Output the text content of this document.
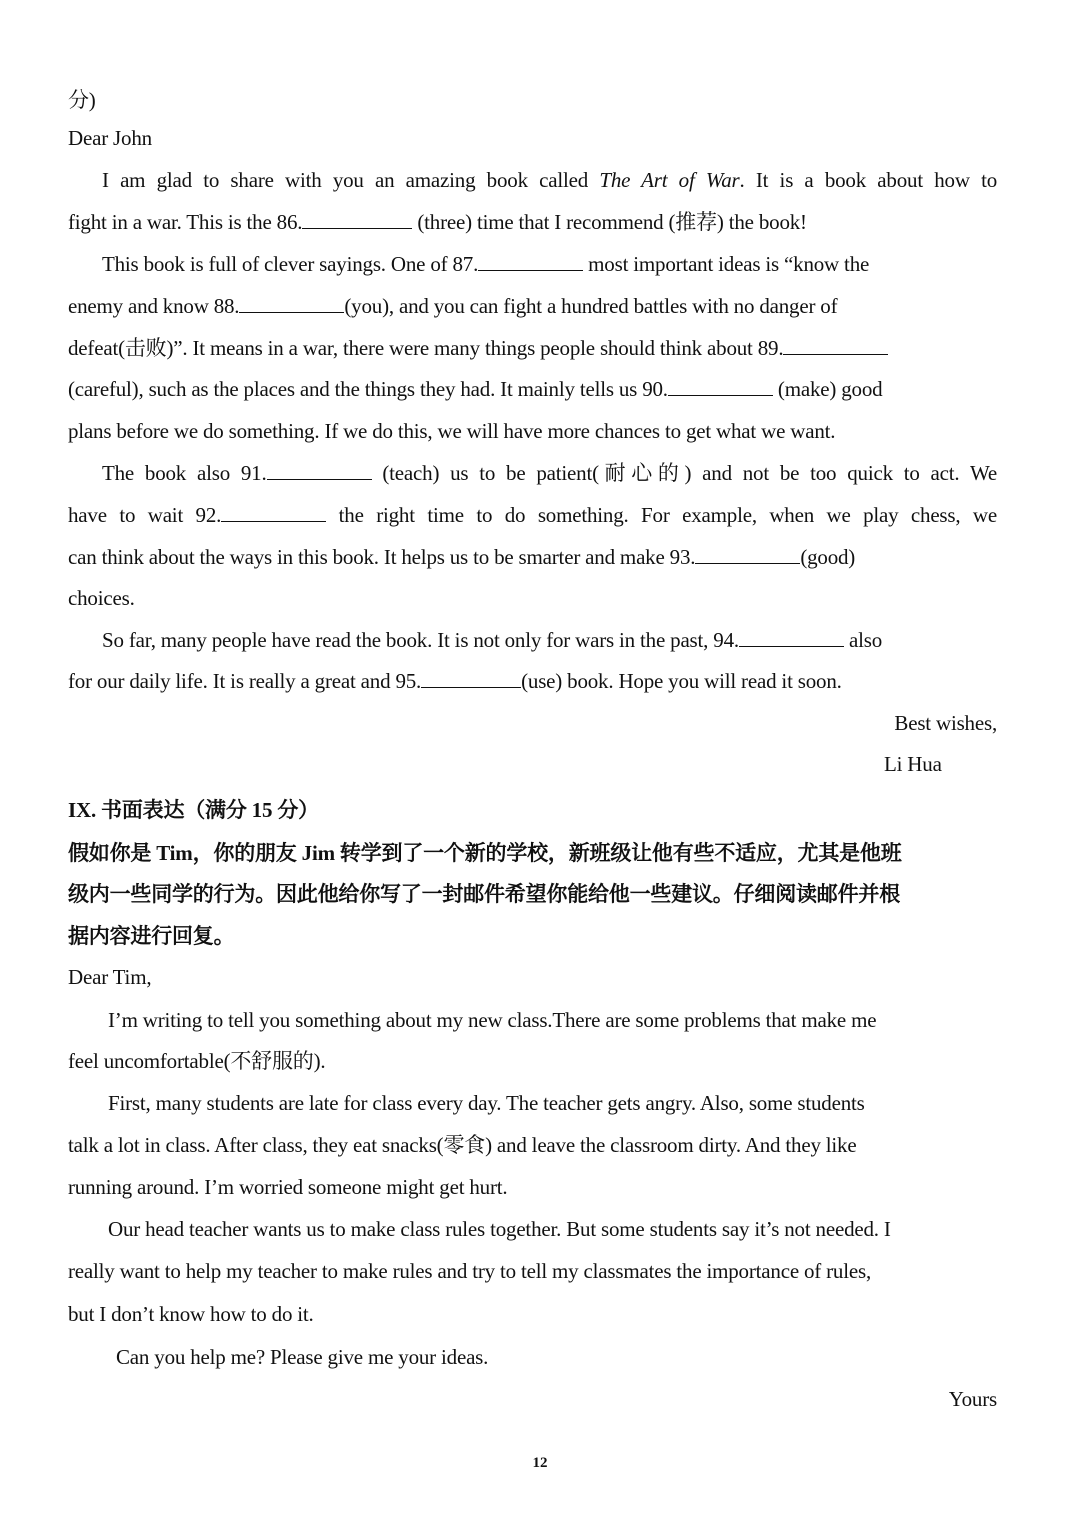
分)
Dear John
I am glad to share with you an amazing book called The Art of War. It is a book about how to
fight in a war. This is the 86.	(three) time that I recommend (推荐) the book!
This book is full of clever sayings. One of 87.	most important ideas is “know the
enemy and know 88.	(you), and you can fight a hundred battles with no danger of
defeat(击败)”. It means in a war, there were many things people should think about 89.
(careful), such as the places and the things they had. It mainly tells us 90.	(make) good
plans before we do something. If we do this, we will have more chances to get what we want.
The book also 91.	(teach) us to be patient(耐心的) and not be too quick to act. We
have to wait 92.	the right time to do something. For example, when we play chess, we
can think about the ways in this book. It helps us to be smarter and make 93.	(good)
choices.
So far, many people have read the book. It is not only for wars in the past, 94.	also
for our daily life. It is really a great and 95.	(use) book. Hope you will read it soon.
Best wishes,
Li Hua
IX. 书面表达（满分 15 分）
假如你是 Tim，你的朋友 Jim 转学到了一个新的学校，新班级让他有些不适应，尤其是他班
级内一些同学的行为。因此他给你写了一封邮件希望你能给他一些建议。仔细阅读邮件并根
据内容进行回复。
Dear Tim,
I’m writing to tell you something about my new class.There are some problems that make me
feel uncomfortable(不舒服的).
First, many students are late for class every day. The teacher gets angry. Also, some students
talk a lot in class. After class, they eat snacks(零食) and leave the classroom dirty. And they like
running around. I’m worried someone might get hurt.
Our head teacher wants us to make class rules together. But some students say it’s not needed. I
really want to help my teacher to make rules and try to tell my classmates the importance of rules,
but I don’t know how to do it.
Can you help me? Please give me your ideas.
Yours
12
